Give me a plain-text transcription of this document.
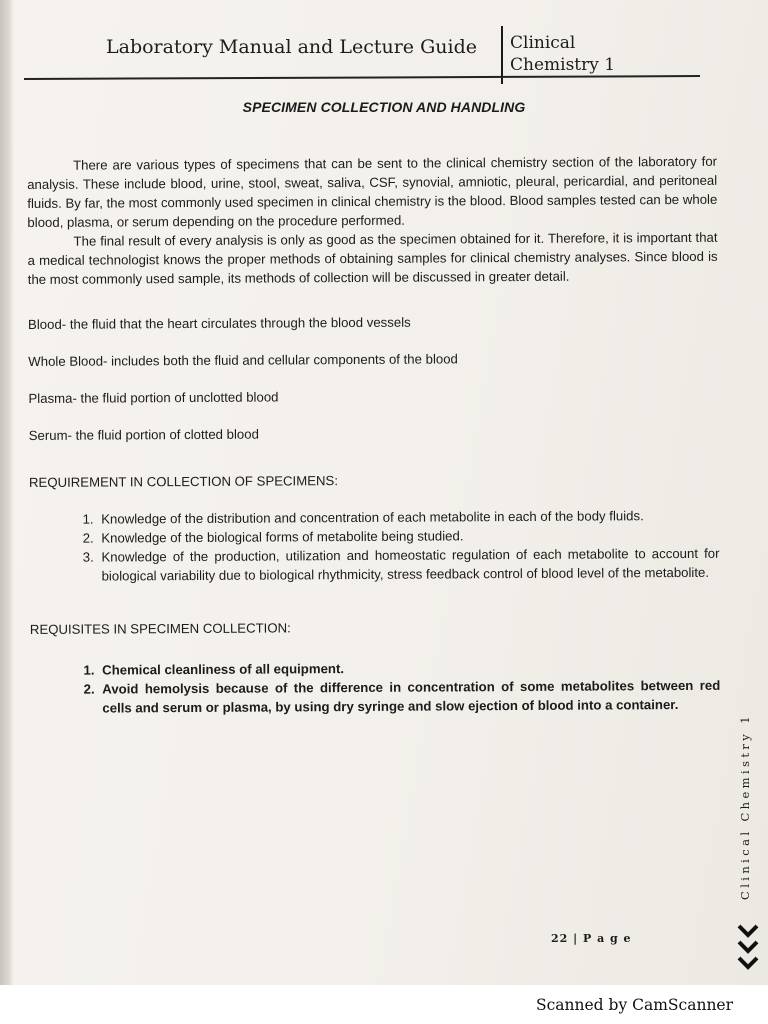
Laboratory Manual and Lecture Guide	Clinical
Chemistry 1
SPECIMEN COLLECTION AND HANDLING

There are various types of specimens that can be sent to the clinical chemistry section of the laboratory for analysis. These include blood, urine, stool, sweat, saliva, CSF, synovial, amniotic, pleural, pericardial, and peritoneal fluids. By far, the most commonly used specimen in clinical chemistry is the blood. Blood samples tested can be whole blood, plasma, or serum depending on the procedure performed.

The final result of every analysis is only as good as the specimen obtained for it. Therefore, it is important that a medical technologist knows the proper methods of obtaining samples for clinical chemistry analyses. Since blood is the most commonly used sample, its methods of collection will be discussed in greater detail.

Blood- the fluid that the heart circulates through the blood vessels
Whole Blood- includes both the fluid and cellular components of the blood
Plasma- the fluid portion of unclotted blood
Serum- the fluid portion of clotted blood
REQUIREMENT IN COLLECTION OF SPECIMENS:
1. Knowledge of the distribution and concentration of each metabolite in each of the body fluids.
2. Knowledge of the biological forms of metabolite being studied.
3. Knowledge of the production, utilization and homeostatic regulation of each metabolite to account for biological variability due to biological rhythmicity, stress feedback control of blood level of the metabolite.
REQUISITES IN SPECIMEN COLLECTION:
1. Chemical cleanliness of all equipment.
2. Avoid hemolysis because of the difference in concentration of some metabolites between red cells and serum or plasma, by using dry syringe and slow ejection of blood into a container.
Clinical Chemistry 1
22 | P a g e
Scanned by CamScanner
